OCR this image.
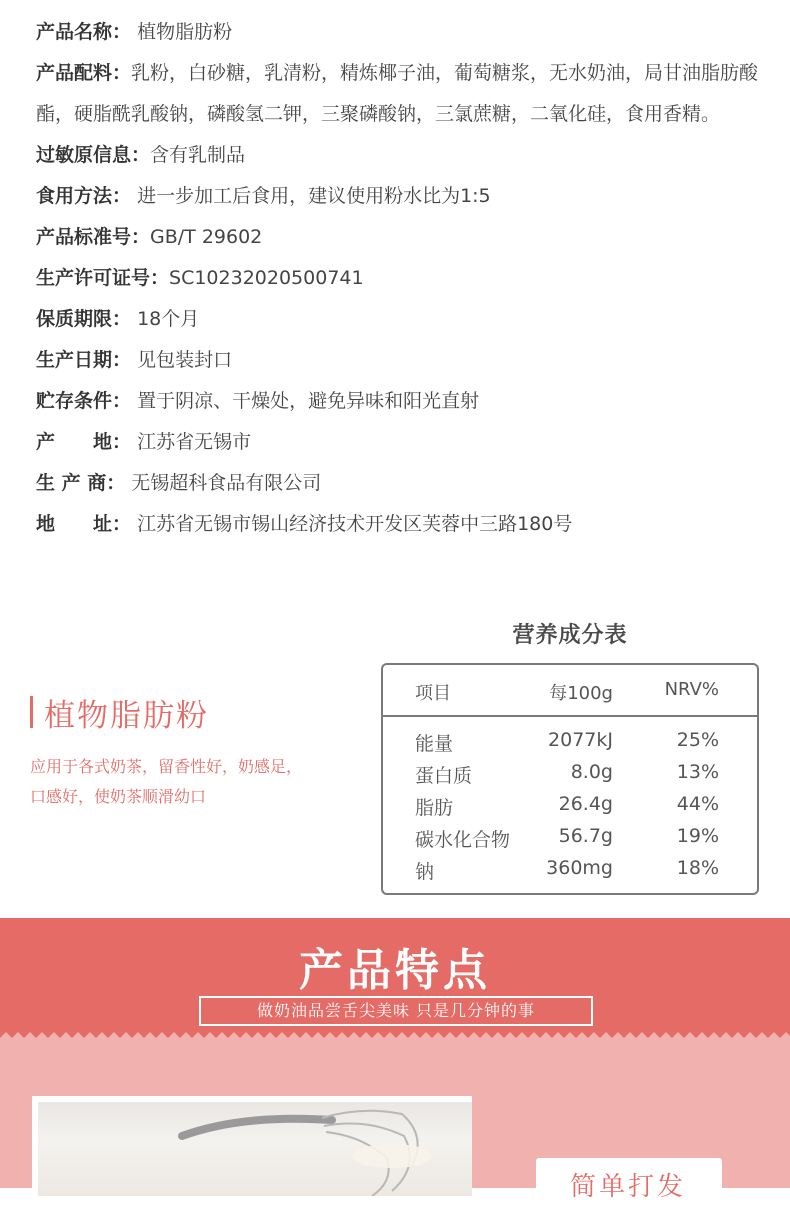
产品名称： 植物脂肪粉
产品配料：乳粉，白砂糖，乳清粉，精炼椰子油，葡萄糖浆，无水奶油，局甘油脂肪酸酯，硬脂酰乳酸钠，磷酸氢二钾，三聚磷酸钠，三氯蔗糖，二氧化硅，食用香精。
过敏原信息：含有乳制品
食用方法： 进一步加工后食用，建议使用粉水比为1:5
产品标准号：GB/T 29602
生产许可证号：SC10232020500741
保质期限： 18个月
生产日期： 见包装封口
贮存条件： 置于阴凉、干燥处，避免异味和阳光直射
产　　地： 江苏省无锡市
生 产 商： 无锡超科食品有限公司
地　　址： 江苏省无锡市锡山经济技术开发区芙蓉中三路180号
营养成分表
项目	每100g	NRV%
能量	2077kJ	25%
蛋白质	8.0g	13%
脂肪	26.4g	44%
碳水化合物	56.7g	19%
钠	360mg	18%
植物脂肪粉
应用于各式奶茶，留香性好，奶感足，
口感好，使奶茶顺滑幼口
产品特点
做奶油品尝舌尖美味 只是几分钟的事
简单打发
